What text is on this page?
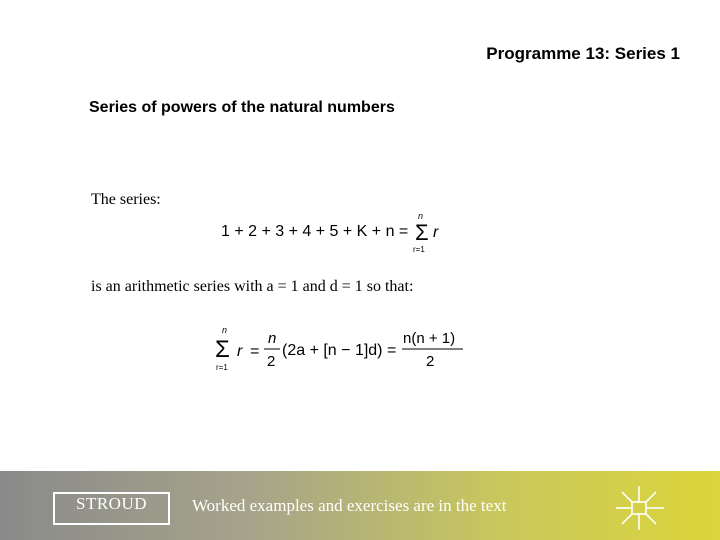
Programme 13: Series 1
Series of powers of the natural numbers
The series:
1 + 2 + 3 + 4 + 5 + K + n =
n
Σ
r=1
r
is an arithmetic series with a = 1 and d = 1 so that:
n
Σ
r=1
r =
n
2
(2a + [n − 1]d) =
n(n + 1)
2
STROUD	Worked examples and exercises are in the text
